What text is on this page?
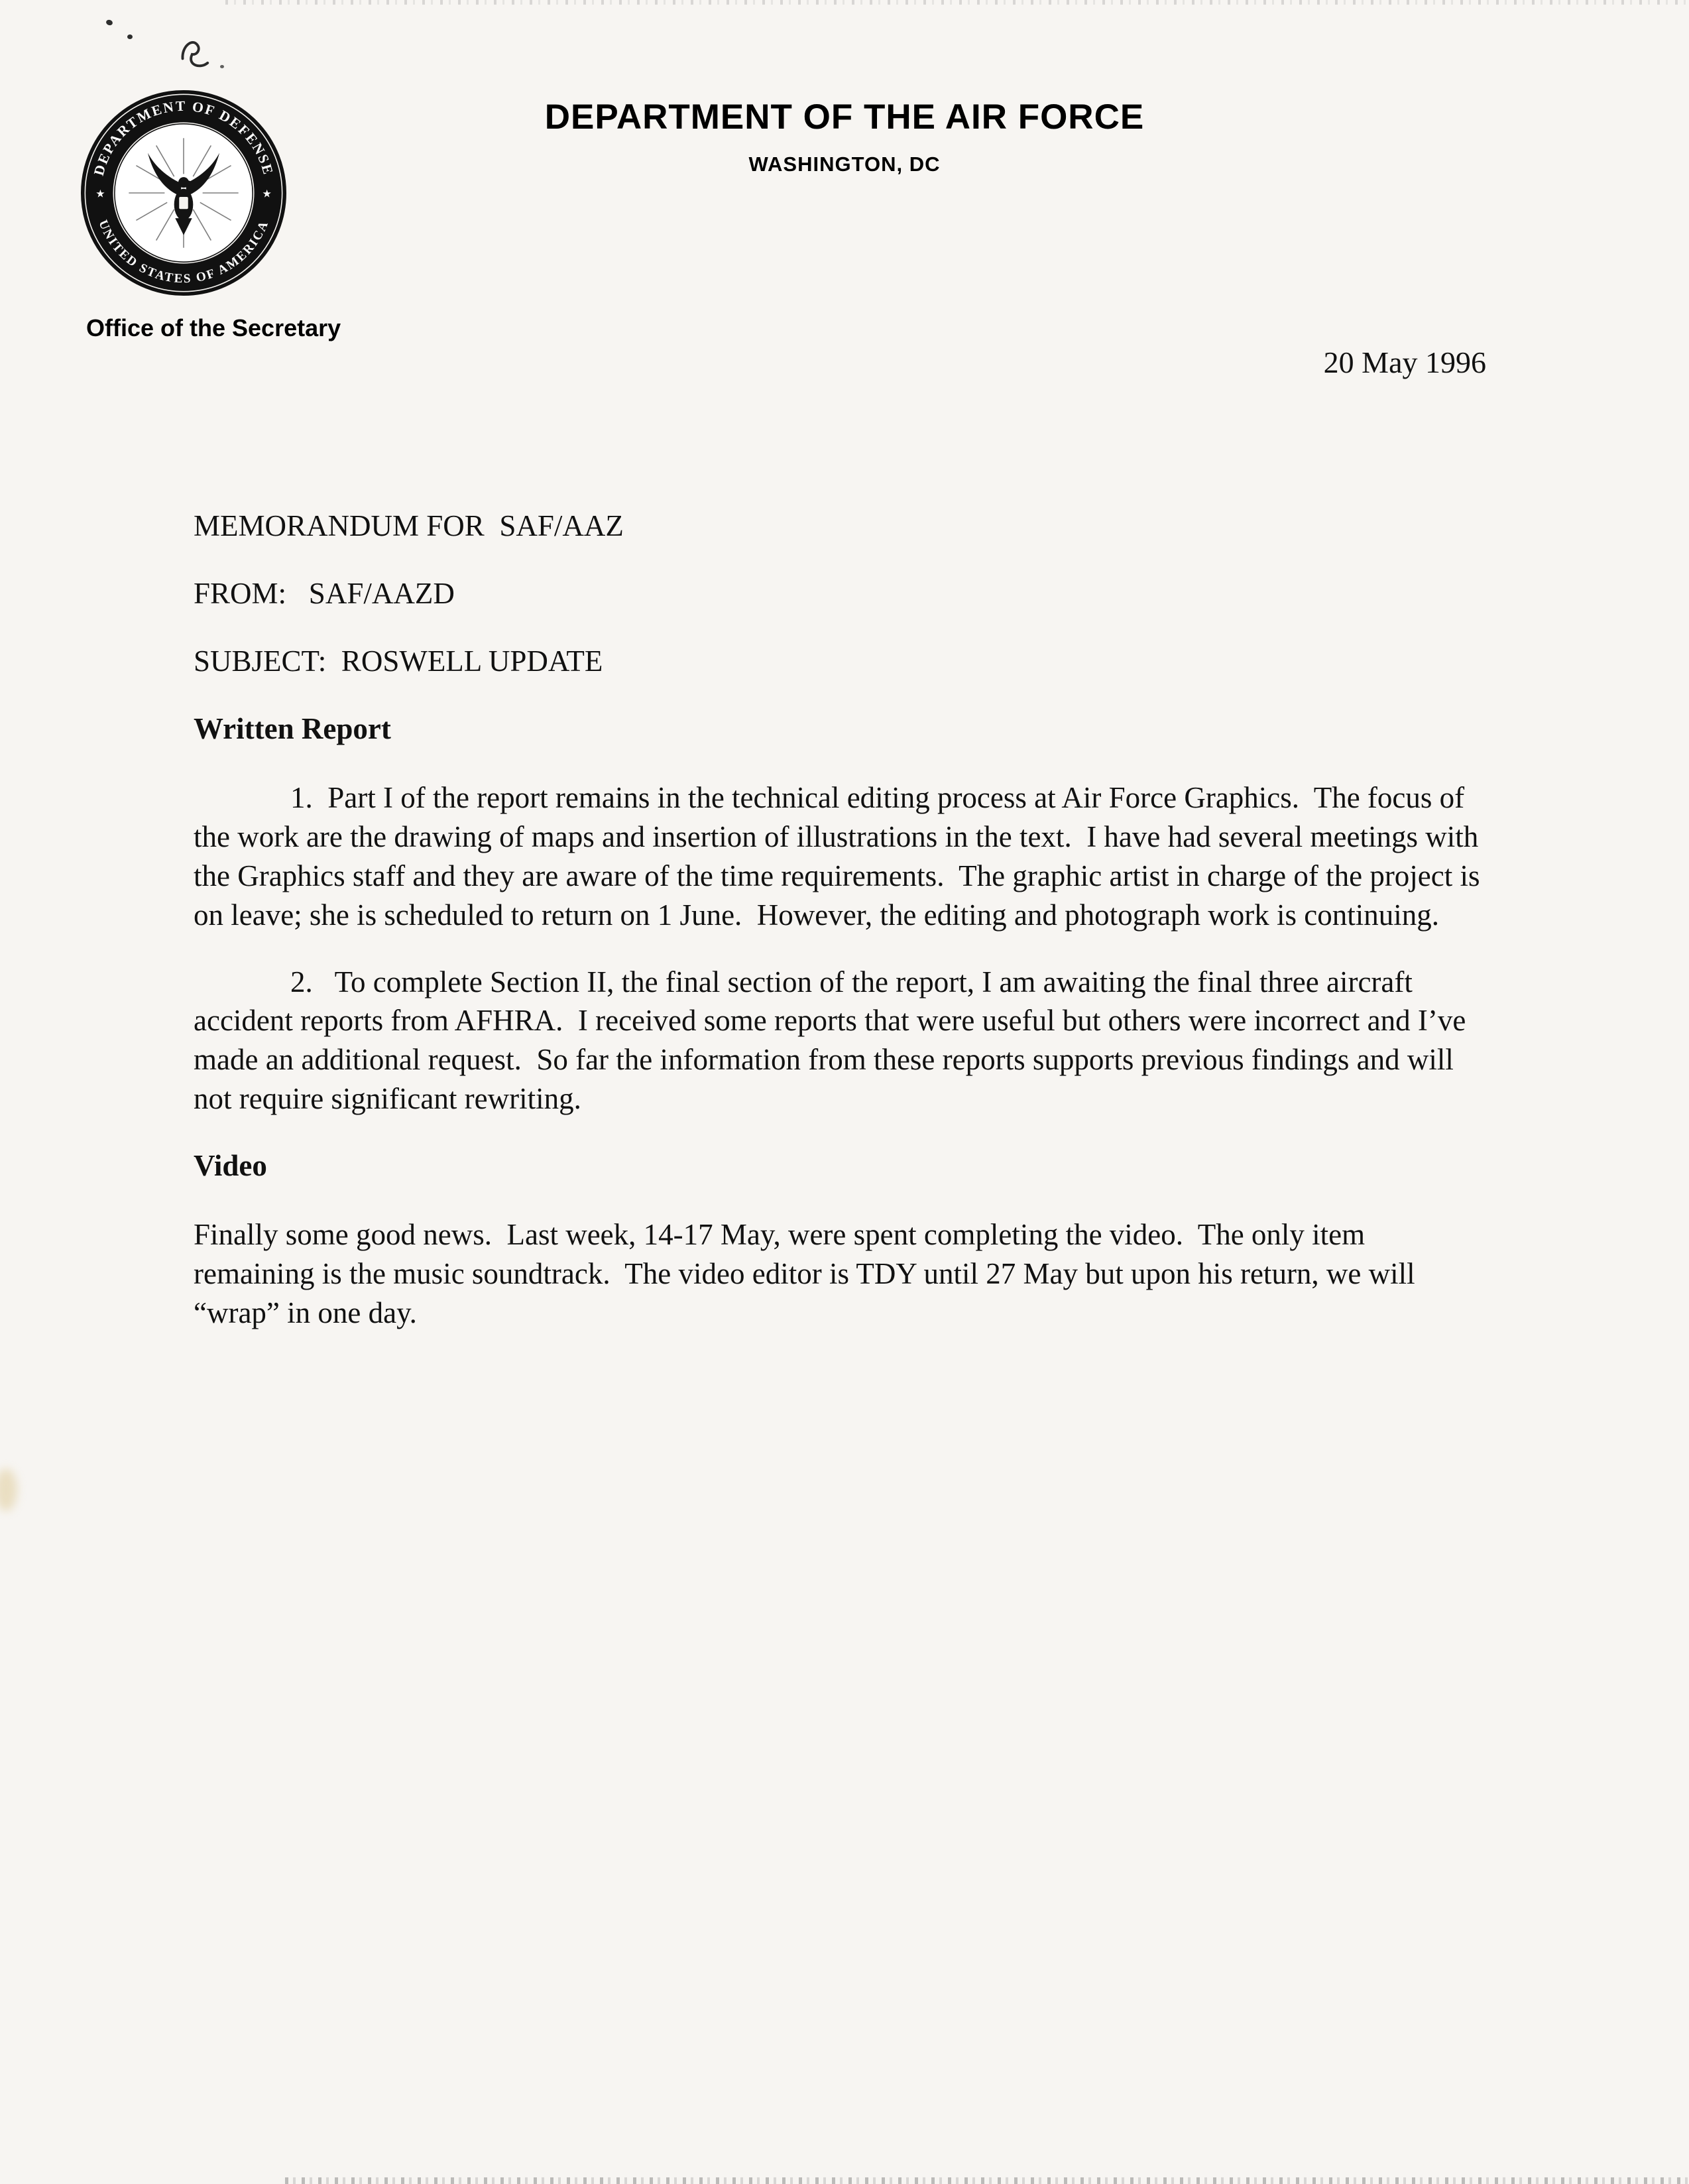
DEPARTMENT OF DEFENSE
UNITED STATES OF AMERICA
★	★
DEPARTMENT OF THE AIR FORCE
WASHINGTON, DC
Office of the Secretary
20 May 1996

MEMORANDUM FOR  SAF/AAZ

FROM:   SAF/AAZD

SUBJECT:  ROSWELL UPDATE

Written Report

1.  Part I of the report remains in the technical editing process at Air Force Graphics.  The focus of the work are the drawing of maps and insertion of illustrations in the text.  I have had several meetings with the Graphics staff and they are aware of the time requirements.  The graphic artist in charge of the project is on leave; she is scheduled to return on 1 June.  However, the editing and photograph work is continuing.

2.   To complete Section II, the final section of the report, I am awaiting the final three aircraft accident reports from AFHRA.  I received some reports that were useful but others were incorrect and I’ve made an additional request.  So far the information from these reports supports previous findings and will not require significant rewriting.

Video

Finally some good news.  Last week, 14-17 May, were spent completing the video.  The only item remaining is the music soundtrack.  The video editor is TDY until 27 May but upon his return, we will “wrap” in one day.
